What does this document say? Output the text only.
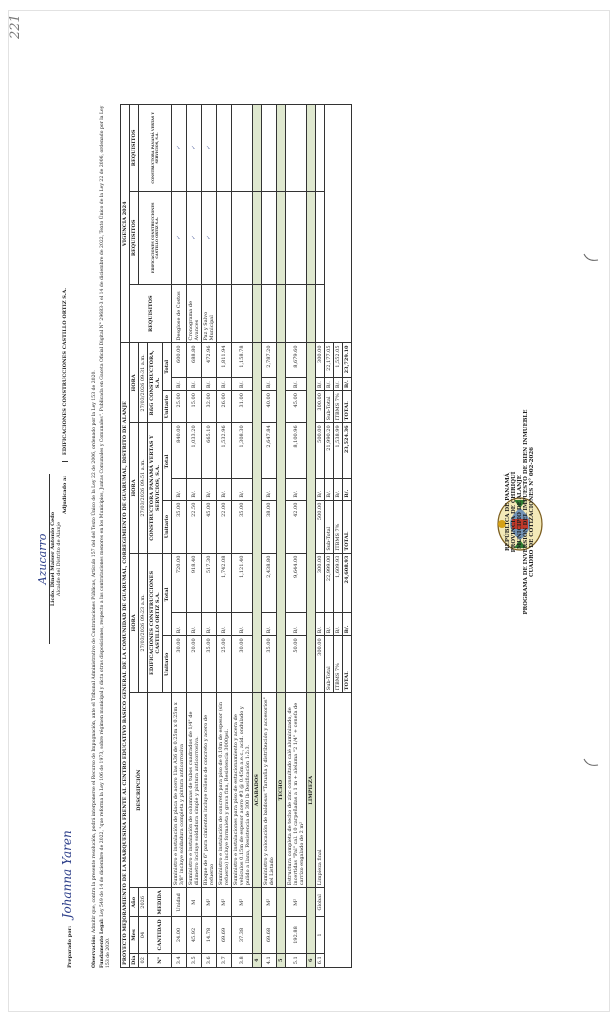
221
REPÚBLICA DE PANAMÁ PROVINCIA DE CHIRIQUÍ MUNICIPIO DE ALANJE PROGRAMA DE INVERSIÓN DEL IMPUESTO DE BIEN INMUEBLE CUADRO DE COTIZACIONES N° 002-2026
PROYECTO MEJORAMIENTO DE LA MARQUESINA FRENTE AL CENTRO EDUCATIVO BÁSICO GENERAL DE LA COMUNIDAD DE GUARUMAL, CORREGIMIENTO DE GUARUMAL, DISTRITO DE ALANJE													VIGENCIA 2024		
Día	Mes	Año	DESCRIPCIÓN	HORA			HORA			HORA			REQUISITOS	REQUISITOS	REQUISITOS
02	04	2026		27/03/2026 09:23 a.m.			27/03/2026 09:51 a.m.			27/03/2026 09:31 a.m.				EDIFICACIONES CONSTRUCCIONES CASTILLO ORTIZ S.A.	CONSTRUCTORA PANAMÁ VERTAS Y SERVICIOS, S.A.
N°	CANTIDAD	MEDIDA		EDIFICACIONES CONSTRUCCIONES CASTILLO ORTIZ S.A.			CONSTRUCTORA PANAMÁ VERTAS Y SERVICIOS, S.A.			R&G CONSTRUCTORA, S.A.					
				Unitario	Total		Unitario	Total		Unitario	Total				
3.4	24.00	Unidad	Suministro e instalación de placa de acero 1las A36 de 0.25m x 0.25m x 3/8" incluye soldadura completa y pintura anticorrosiva	30.00	B/.	720.00	35.00	B/.	840.00	25.00	B/.	600.00	Desglose de Costos	✓	✓
3.5	45.92	M	Suministro e instalación de columnas de tubos cuadrados de 1/4" de diámetro incluye soldadura simple y pintura anticorrosiva.	20.00	B/.	918.40	22.50	B/.	1,033.20	15.00	B/.	688.80	Cronograma de Avances	✓	✓
3.6	14.78	M²	Bloque de 6" para cimientos incluye relleno de concreto y acero de refuerzo	35.00	B/.	517.30	45.00	B/.	665.10	32.00	B/.	472.96	Paz y Salvo Municipal	✓	✓
3.7	69.69	M²	Suministro e instalación de concreto para piso de 0.10m de espesor (sin refuerzo) incluye formaleta y grava fina, Resistencia 3000psi.	25.00	B/.	1,742.08	22.00	B/.	1,532.96	26.00	B/.	1,811.94			
3.8	37.38	M²	Suministro e instalaciones para piso de estacionamiento y acera de vehículos 0.15m de espesor acero #3 @ 0.45m a.e.c., acid. ondulado y pulido a llana, Resistencia de 300 lb Dosificación 1:2:3.	30.00	B/.	1,121.40	35.00	B/.	1,308.30	31.00	B/.	1,158.78			
4			ACABADOS												
4.1	69.68	M²	Suministro y colocación de baldosas "Taruaña y distribución y accesorios" del Listado	35.00	B/.	2,438.80	38.00	B/.	2,647.84	40.00	B/.	2,787.20			
5			TECHO												
5.1	192.88	M²	Estructura completa de techo de zinc consultado calé aluminizado, de incertidas "Pal" cal. 10 carpeñadas a 1 m + alelama "2 1/4" + cenefa de carrizo engalado de 2 m²	50.00	B/.	9,644.00	42.00	B/.	8,100.96	45.00	B/.	8,679.60			
6			LIMPIEZA												
6.1	1	Global	Limpieza final	300.00	B/.	300.00	500.00	B/.	500.00	300.00	B/.	300.00			
				Sub-Total	B/.	22,999.00	Sub-Total	B/.	21,990.20	Sub-Total	B/.	22,177.05			
				ITBMS 7%	B/.	1,609.93	ITBMS 7%	B/.	1,538.99	ITBMS 7%	B/.	1,552.05			
				TOTAL	B/.	24,608.93	TOTAL	B/.	23,524.36	TOTAL	B/.	23,729.10			

Observación: Admitir que, contra la presente resolución, podrá interponerse el Recurso de Impugnación, ante el Tribunal Administrativo de Contrataciones Públicas, Artículo 157 del del Texto Único de la Ley 22 de 2006, ordenado por la Ley 153 de 2020.

Fundamento Legal: Ley 549 de 14 de diciembre de 2022, "que reforma la Ley 106 de 1973, sobre régimen municipal y dicta otras disposiciones, respecto a las contrataciones menores en los Municipios, Juntas Comunales y Comunales". Publicada en Gaceta Oficial Digital N° 29683-3 el 14 de diciembre de 2022, Texto Único de la Ley 22 de 2006, ordenado por la Ley 153 de 2020.

Preparado por: Johanna Yaren
Azucarro Licdo. Dinel Maiser Antonio Cedo Alcalde del Distrito de Alanje
Adjudicado a: EDIFICACIONES CONSTRUCCIONES CASTILLO ORTIZ S.A.
